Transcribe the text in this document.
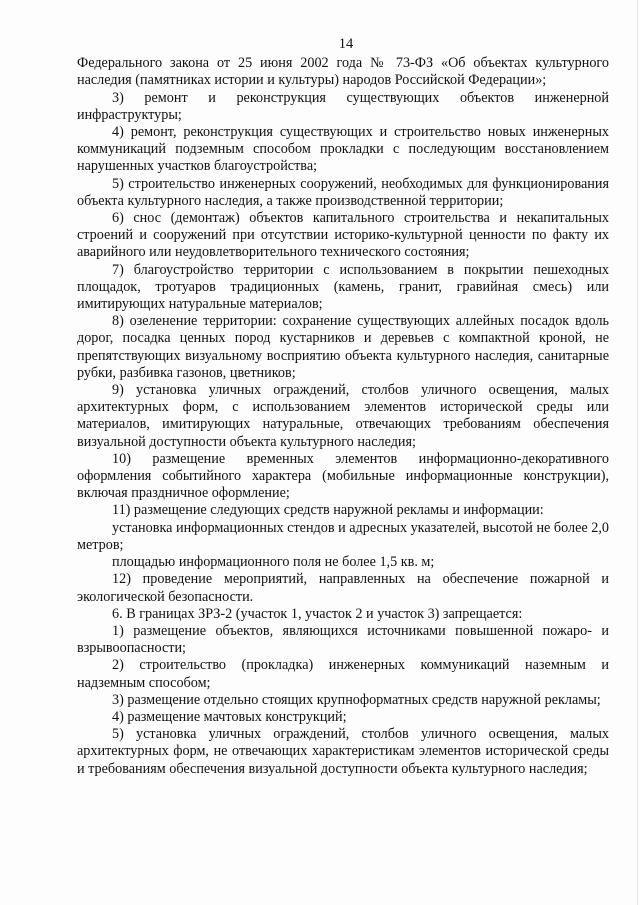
14

Федерального закона от 25 июня 2002 года № 73-ФЗ «Об объектах культурного наследия (памятниках истории и культуры) народов Российской Федерации»;

3) ремонт и реконструкция существующих объектов инженерной инфраструктуры;

4) ремонт, реконструкция существующих и строительство новых инженерных коммуникаций подземным способом прокладки с последующим восстановлением нарушенных участков благоустройства;

5) строительство инженерных сооружений, необходимых для функционирования объекта культурного наследия, а также производственной территории;

6) снос (демонтаж) объектов капитального строительства и некапитальных строений и сооружений при отсутствии историко-культурной ценности по факту их аварийного или неудовлетворительного технического состояния;

7) благоустройство территории с использованием в покрытии пешеходных площадок, тротуаров традиционных (камень, гранит, гравийная смесь) или имитирующих натуральные материалов;

8) озеленение территории: сохранение существующих аллейных посадок вдоль дорог, посадка ценных пород кустарников и деревьев с компактной кроной, не препятствующих визуальному восприятию объекта культурного наследия, санитарные рубки, разбивка газонов, цветников;

9) установка уличных ограждений, столбов уличного освещения, малых архитектурных форм, с использованием элементов исторической среды или материалов, имитирующих натуральные, отвечающих требованиям обеспечения визуальной доступности объекта культурного наследия;

10) размещение временных элементов информационно-декоративного оформления событийного характера (мобильные информационные конструкции), включая праздничное оформление;

11) размещение следующих средств наружной рекламы и информации:

установка информационных стендов и адресных указателей, высотой не более 2,0 метров;

площадью информационного поля не более 1,5 кв. м;

12) проведение мероприятий, направленных на обеспечение пожарной и экологической безопасности.

6. В границах ЗРЗ-2 (участок 1, участок 2 и участок 3) запрещается:

1) размещение объектов, являющихся источниками повышенной пожаро- и взрывоопасности;

2) строительство (прокладка) инженерных коммуникаций наземным и надземным способом;

3) размещение отдельно стоящих крупноформатных средств наружной рекламы;

4) размещение мачтовых конструкций;

5) установка уличных ограждений, столбов уличного освещения, малых архитектурных форм, не отвечающих характеристикам элементов исторической среды и требованиям обеспечения визуальной доступности объекта культурного наследия;
